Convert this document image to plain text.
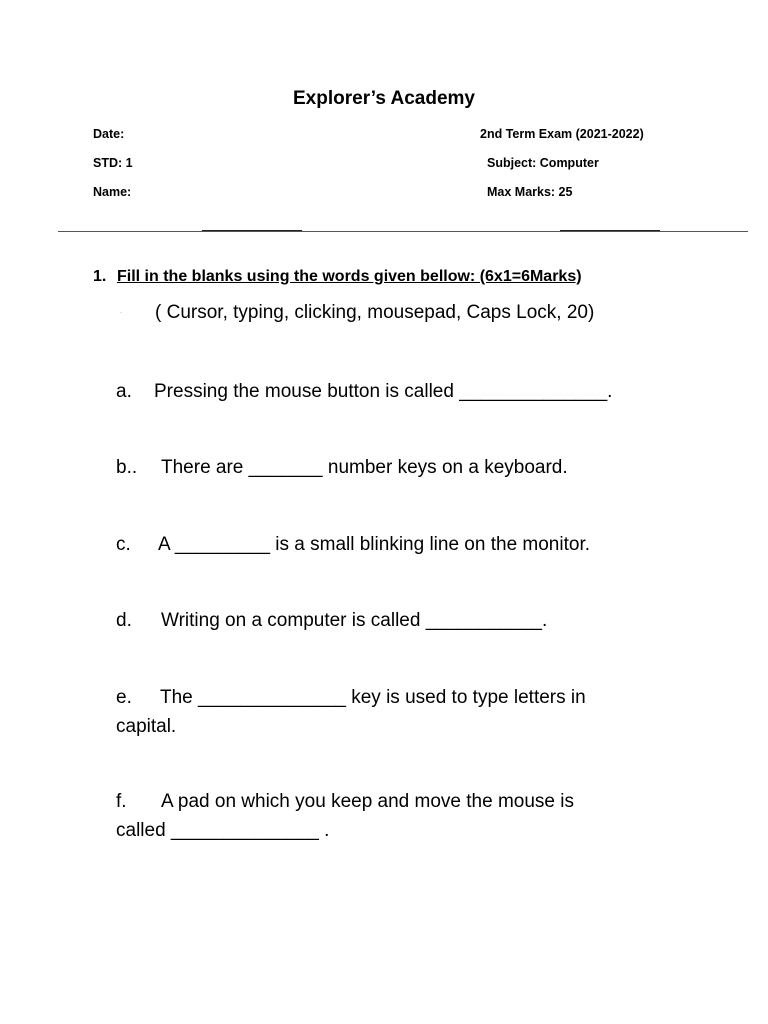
Explorer’s Academy
Date:	2nd Term Exam (2021-2022)
STD: 1	Subject: Computer
Name:	Max Marks: 25
1. Fill in the blanks using the words given bellow: (6x1=6Marks)
· ( Cursor, typing, clicking, mousepad, Caps Lock, 20)
a. Pressing the mouse button is called ______________.
b.. There are _______ number keys on a keyboard.
c. A _________ is a small blinking line on the monitor.
d. Writing on a computer is called ___________.
e. The ______________ key is used to type letters in
capital.
f. A pad on which you keep and move the mouse is
called ______________ .
